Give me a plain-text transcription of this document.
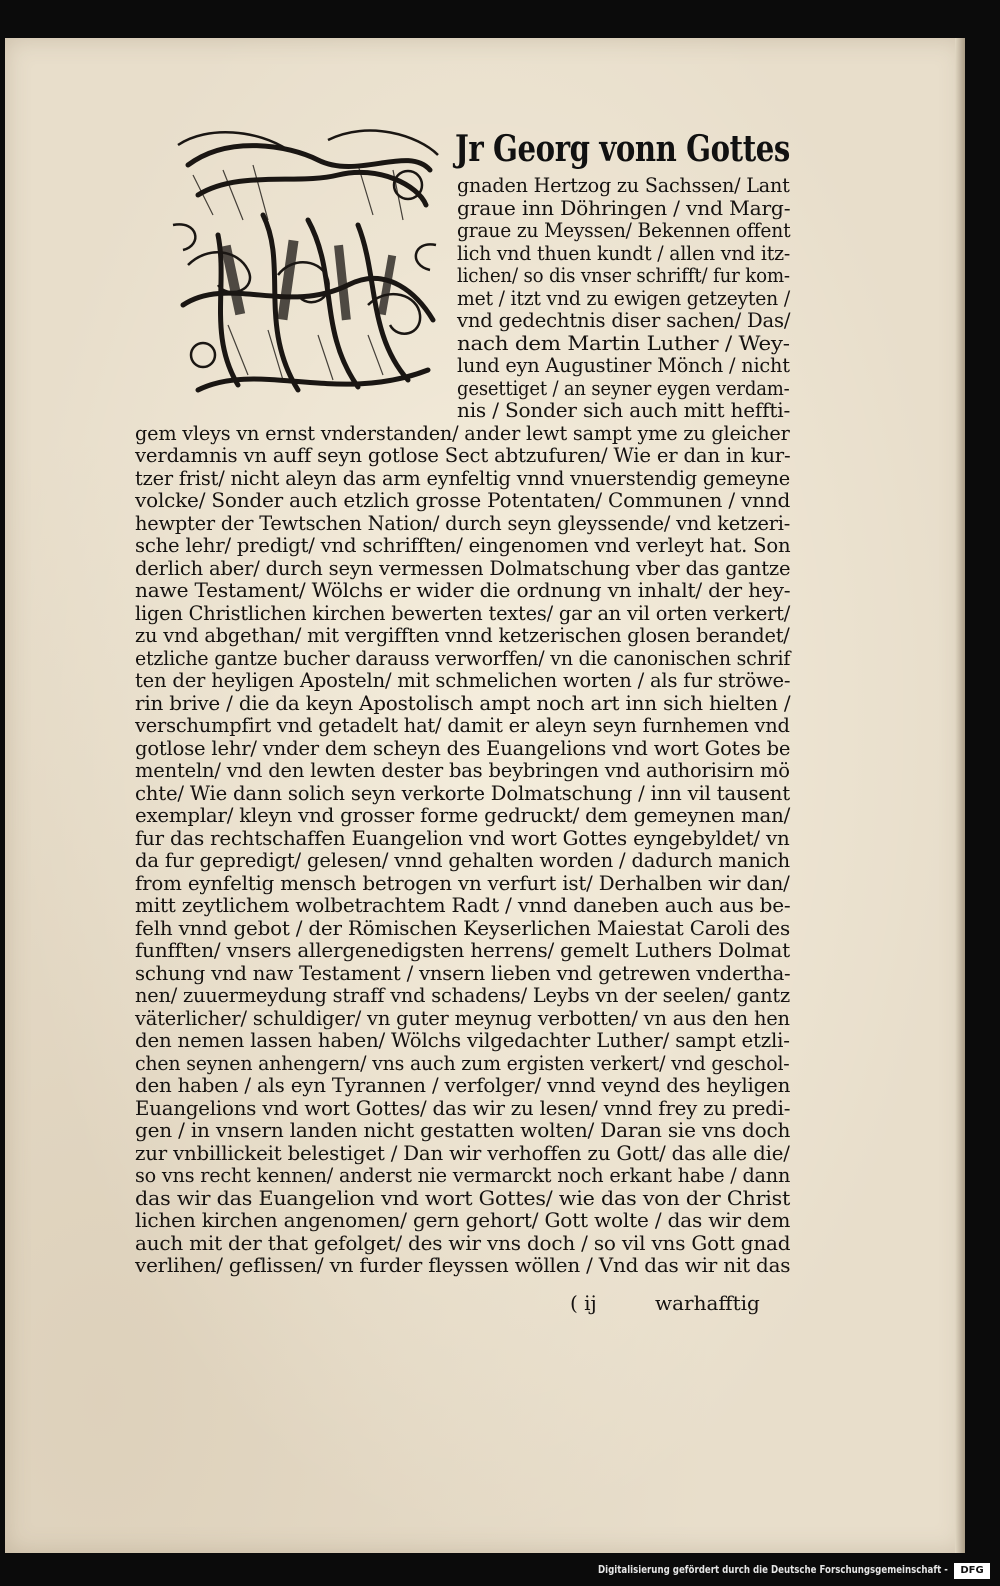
Jr Georg vonn Gottes

gnaden Hertzog zu Sachssen/ Lant

graue inn Döhringen / vnd Marg-

graue zu Meyssen/ Bekennen offent

lich vnd thuen kundt / allen vnd itz-

lichen/ so dis vnser schrifft/ fur kom-

met / itzt vnd zu ewigen getzeyten /

vnd gedechtnis diser sachen/ Das/

nach dem Martin Luther / Wey-

lund eyn Augustiner Mönch / nicht

gesettiget / an seyner eygen verdam-

nis / Sonder sich auch mitt heffti-

gem vleys vn ernst vnderstanden/ ander lewt sampt yme zu gleicher

verdamnis vn auff seyn gotlose Sect abtzufuren/ Wie er dan in kur-

tzer frist/ nicht aleyn das arm eynfeltig vnnd vnuerstendig gemeyne

volcke/ Sonder auch etzlich grosse Potentaten/ Communen / vnnd

hewpter der Tewtschen Nation/ durch seyn gleyssende/ vnd ketzeri-

sche lehr/ predigt/ vnd schrifften/ eingenomen vnd verleyt hat. Son

derlich aber/ durch seyn vermessen Dolmatschung vber das gantze

nawe Testament/ Wölchs er wider die ordnung vn inhalt/ der hey-

ligen Christlichen kirchen bewerten textes/ gar an vil orten verkert/

zu vnd abgethan/ mit vergifften vnnd ketzerischen glosen berandet/

etzliche gantze bucher darauss verworffen/ vn die canonischen schrif

ten der heyligen Aposteln/ mit schmelichen worten / als fur ströwe-

rin brive / die da keyn Apostolisch ampt noch art inn sich hielten /

verschumpfirt vnd getadelt hat/ damit er aleyn seyn furnhemen vnd

gotlose lehr/ vnder dem scheyn des Euangelions vnd wort Gotes be

menteln/ vnd den lewten dester bas beybringen vnd authorisirn mö

chte/ Wie dann solich seyn verkorte Dolmatschung / inn vil tausent

exemplar/ kleyn vnd grosser forme gedruckt/ dem gemeynen man/

fur das rechtschaffen Euangelion vnd wort Gottes eyngebyldet/ vn

da fur gepredigt/ gelesen/ vnnd gehalten worden / dadurch manich

from eynfeltig mensch betrogen vn verfurt ist/ Derhalben wir dan/

mitt zeytlichem wolbetrachtem Radt / vnnd daneben auch aus be-

felh vnnd gebot / der Römischen Keyserlichen Maiestat Caroli des

funfften/ vnsers allergenedigsten herrens/ gemelt Luthers Dolmat

schung vnd naw Testament / vnsern lieben vnd getrewen vndertha-

nen/ zuuermeydung straff vnd schadens/ Leybs vn der seelen/ gantz

väterlicher/ schuldiger/ vn guter meynug verbotten/ vn aus den hen

den nemen lassen haben/ Wölchs vilgedachter Luther/ sampt etzli-

chen seynen anhengern/ vns auch zum ergisten verkert/ vnd geschol-

den haben / als eyn Tyrannen / verfolger/ vnnd veynd des heyligen

Euangelions vnd wort Gottes/ das wir zu lesen/ vnnd frey zu predi-

gen / in vnsern landen nicht gestatten wolten/ Daran sie vns doch

zur vnbillickeit belestiget / Dan wir verhoffen zu Gott/ das alle die/

so vns recht kennen/ anderst nie vermarckt noch erkant habe / dann

das wir das Euangelion vnd wort Gottes/ wie das von der Christ

lichen kirchen angenomen/ gern gehort/ Gott wolte / das wir dem

auch mit der that gefolget/ des wir vns doch / so vil vns Gott gnad

verlihen/ geflissen/ vn furder fleyssen wöllen / Vnd das wir nit das

( ij	warhafftig

Digitalisierung gefördert durch die Deutsche Forschungsgemeinschaft -	DFG
